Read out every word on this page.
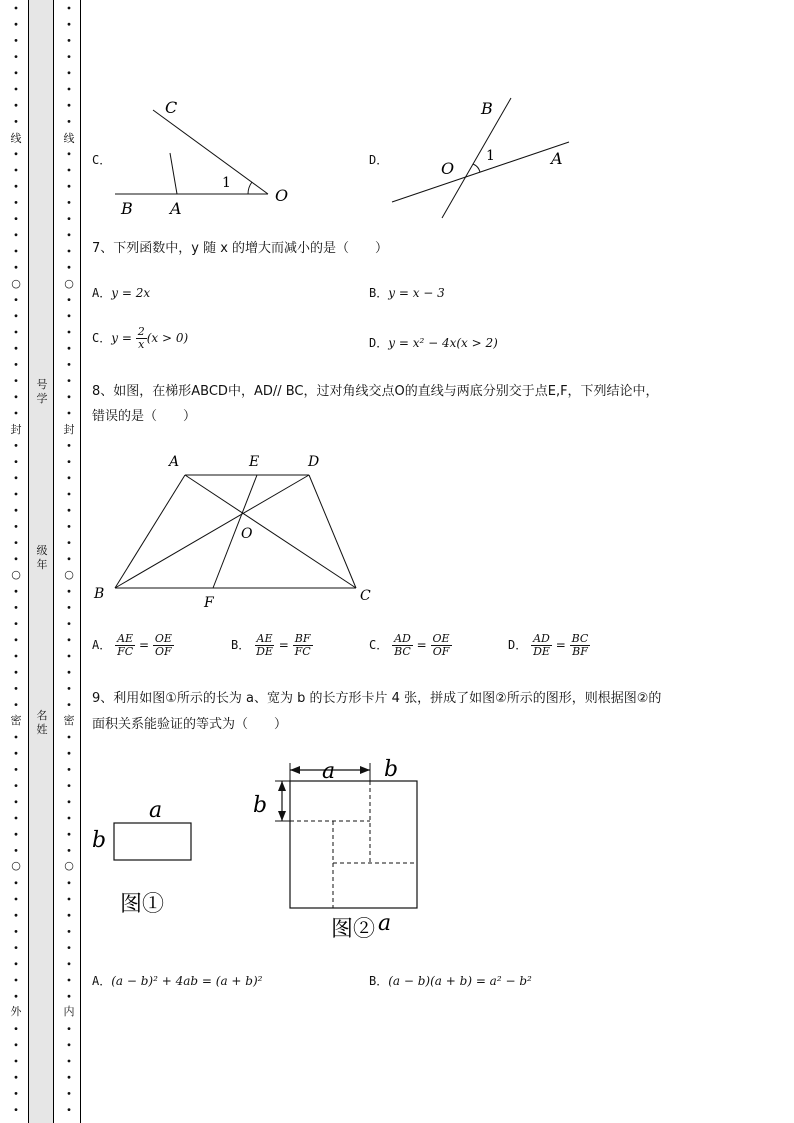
线
○
封
○
密
○
外
线
○
封
○
密
○
内
号学
级年
名姓
C．
C
B A
O
1
D．
B
O
A
1
7、下列函数中，y 随 x 的增大而减小的是（　　）
A．y = 2x	B．y = x − 3
C．$y = \frac{2}{x} (x > 0)$	D．y = x² − 4x(x > 2)
8、如图，在梯形ABCD中，AD// BC，过对角线交点O的直线与两底分别交于点E,F，下列结论中，
错误的是（　　）
A	E	D
O
B
F	C
A． $\frac{AE}{FC} = \frac{OE}{OF}$	B． $\frac{AE}{DE} = \frac{BF}{FC}$	C． $\frac{AD}{BC} = \frac{OE}{OF}$	D． $\frac{AD}{DE} = \frac{BC}{BF}$
9、利用如图①所示的长为 a、宽为 b 的长方形卡片 4 张，拼成了如图②所示的图形，则根据图②的
面积关系能验证的等式为（　　）
a
b
图①
a b
b
图② a
A．(a − b)² + 4ab = (a + b)²	B．(a − b)(a + b) = a² − b²
